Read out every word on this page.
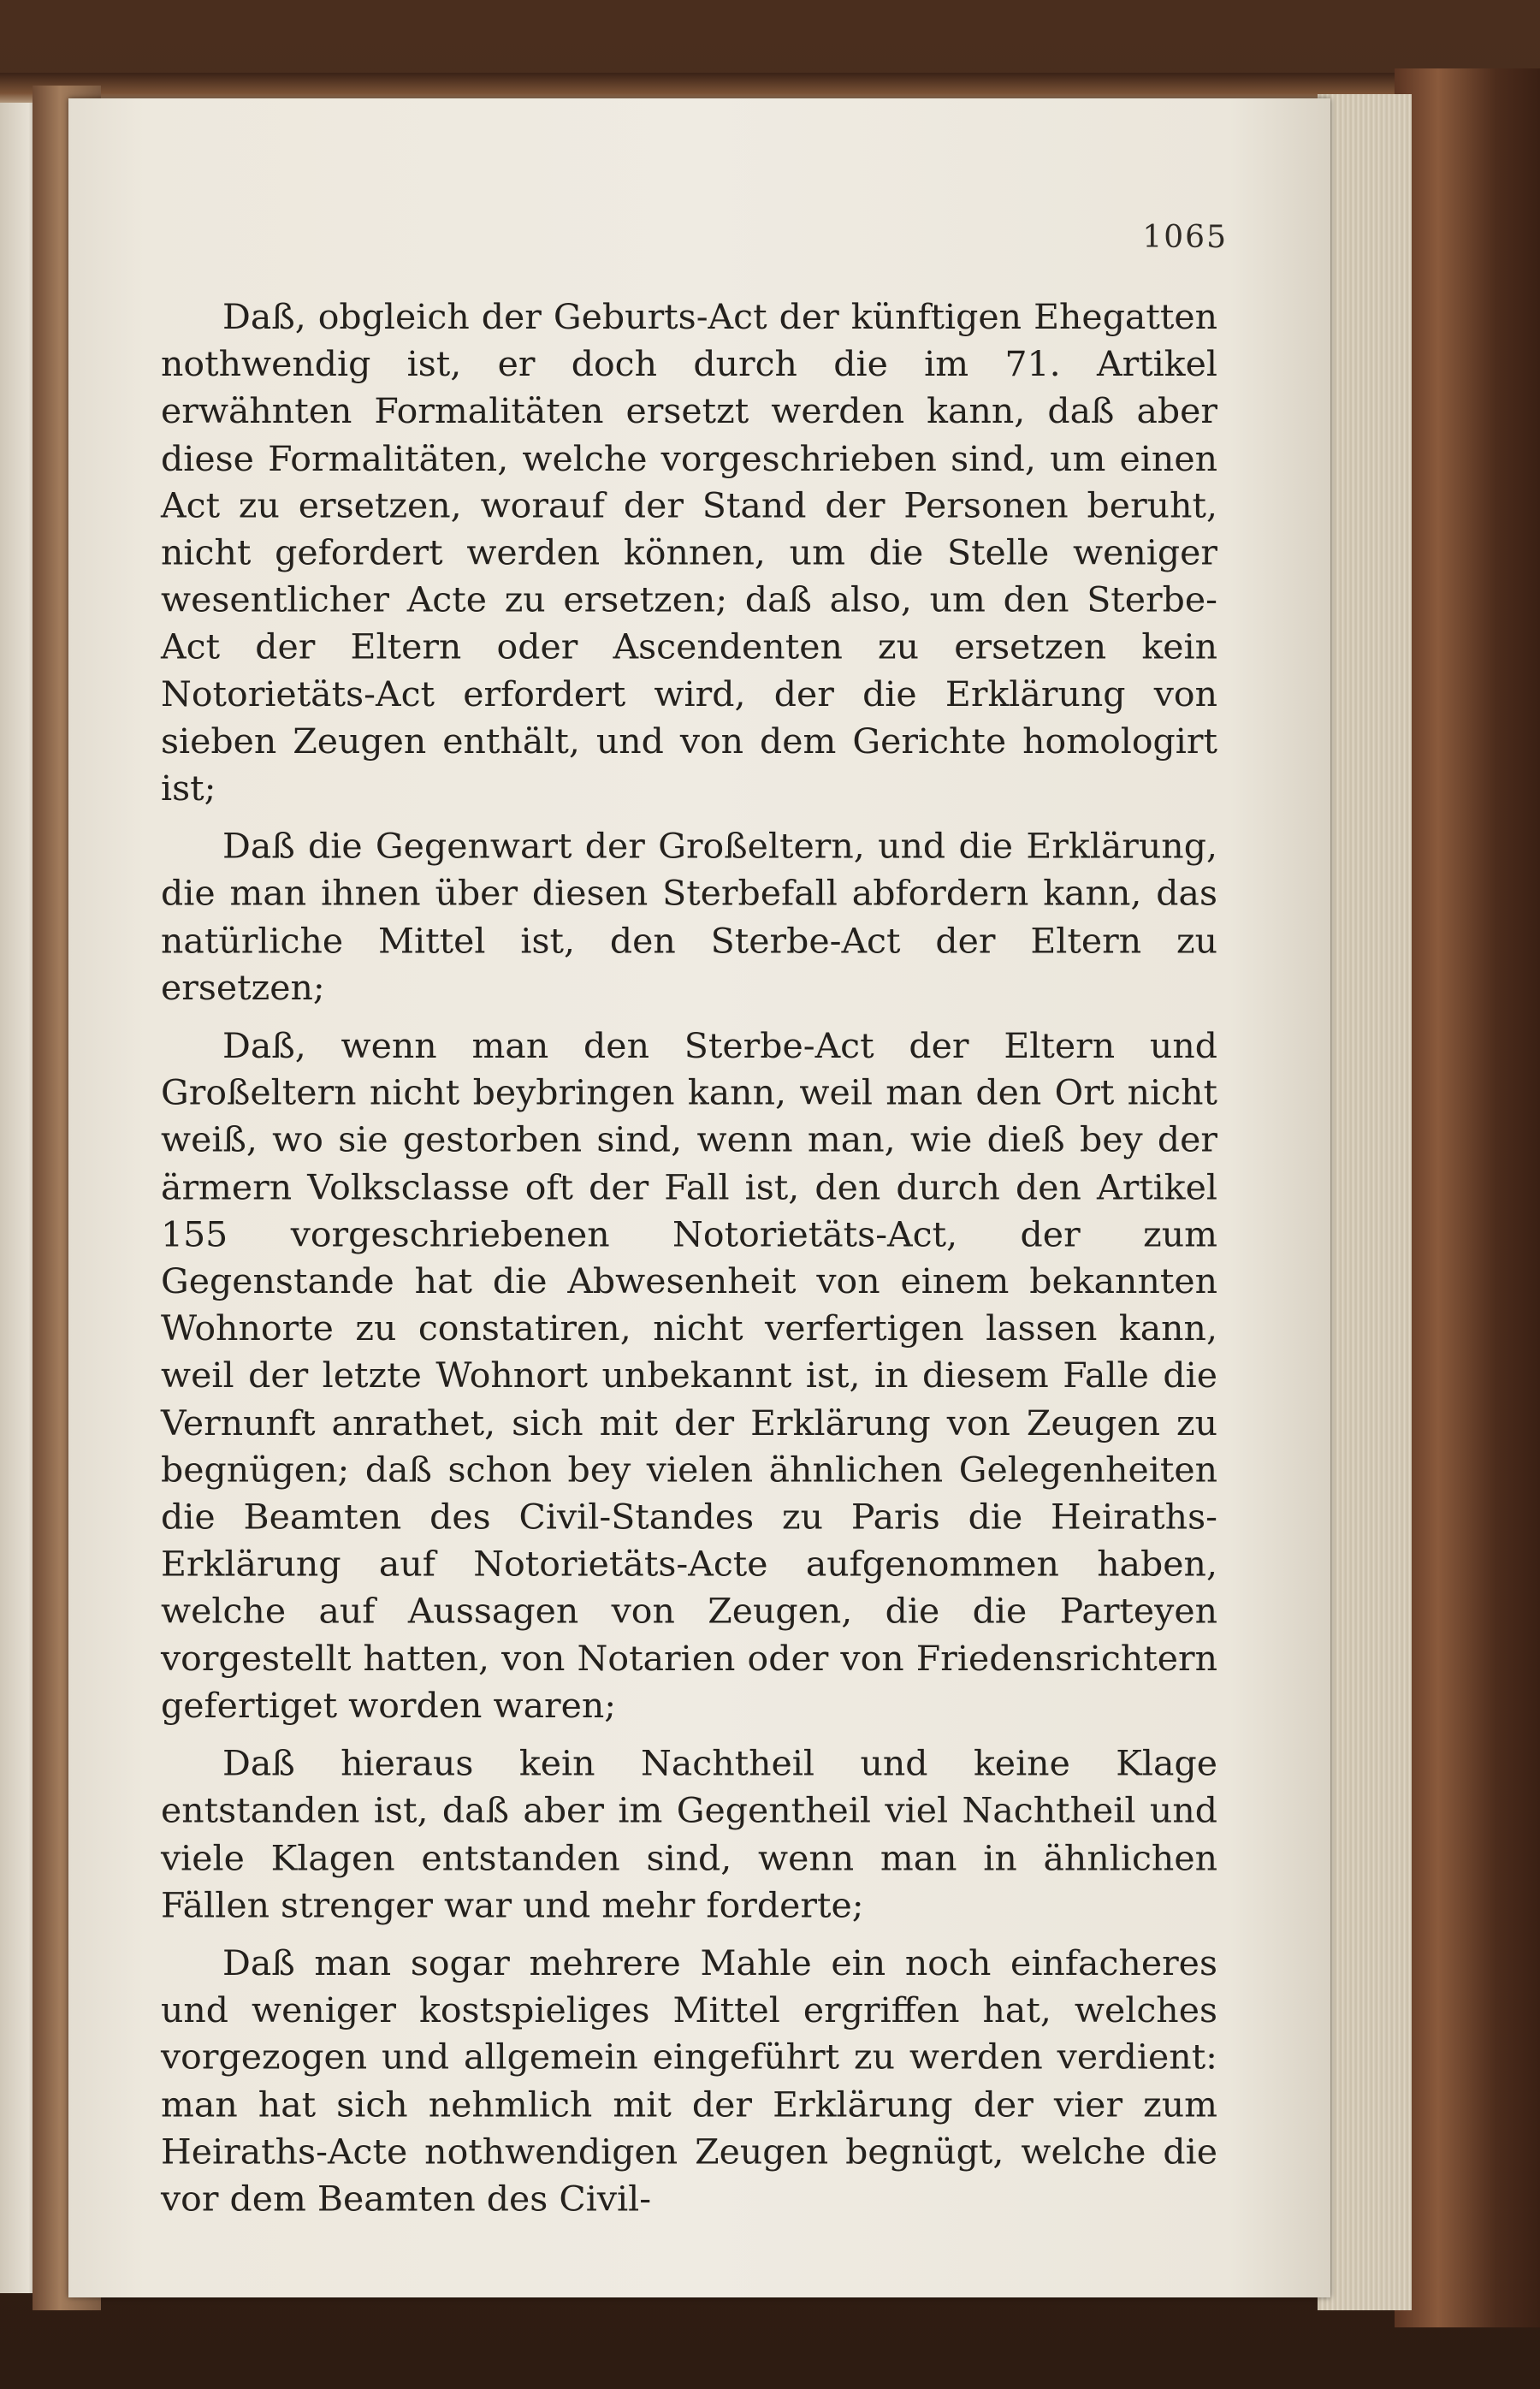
1065

Daß, obgleich der Geburts-Act der künftigen Ehegatten nothwendig ist, er doch durch die im 71. Artikel erwähnten Formalitäten ersetzt werden kann, daß aber diese Formalitäten, welche vorgeschrieben sind, um einen Act zu ersetzen, worauf der Stand der Personen beruht, nicht gefordert werden können, um die Stelle weniger wesentlicher Acte zu ersetzen; daß also, um den Sterbe-Act der Eltern oder Ascendenten zu ersetzen kein Notorietäts-Act erfordert wird, der die Erklärung von sieben Zeugen enthält, und von dem Gerichte homologirt ist;

Daß die Gegenwart der Großeltern, und die Erklärung, die man ihnen über diesen Sterbefall abfordern kann, das natürliche Mittel ist, den Sterbe-Act der Eltern zu ersetzen;

Daß, wenn man den Sterbe-Act der Eltern und Großeltern nicht beybringen kann, weil man den Ort nicht weiß, wo sie gestorben sind, wenn man, wie dieß bey der ärmern Volksclasse oft der Fall ist, den durch den Artikel 155 vorgeschriebenen Notorietäts-Act, der zum Gegenstande hat die Abwesenheit von einem bekannten Wohnorte zu constatiren, nicht verfertigen lassen kann, weil der letzte Wohnort unbekannt ist, in diesem Falle die Vernunft anrathet, sich mit der Erklärung von Zeugen zu begnügen; daß schon bey vielen ähnlichen Gelegenheiten die Beamten des Civil-Standes zu Paris die Heiraths-Erklärung auf Notorietäts-Acte aufgenommen haben, welche auf Aussagen von Zeugen, die die Parteyen vorgestellt hatten, von Notarien oder von Friedensrichtern gefertiget worden waren;

Daß hieraus kein Nachtheil und keine Klage entstanden ist, daß aber im Gegentheil viel Nachtheil und viele Klagen entstanden sind, wenn man in ähnlichen Fällen strenger war und mehr forderte;

Daß man sogar mehrere Mahle ein noch einfacheres und weniger kostspieliges Mittel ergriffen hat, welches vorgezogen und allgemein eingeführt zu werden verdient: man hat sich nehmlich mit der Erklärung der vier zum Heiraths-Acte nothwendigen Zeugen begnügt, welche die vor dem Beamten des Civil-
